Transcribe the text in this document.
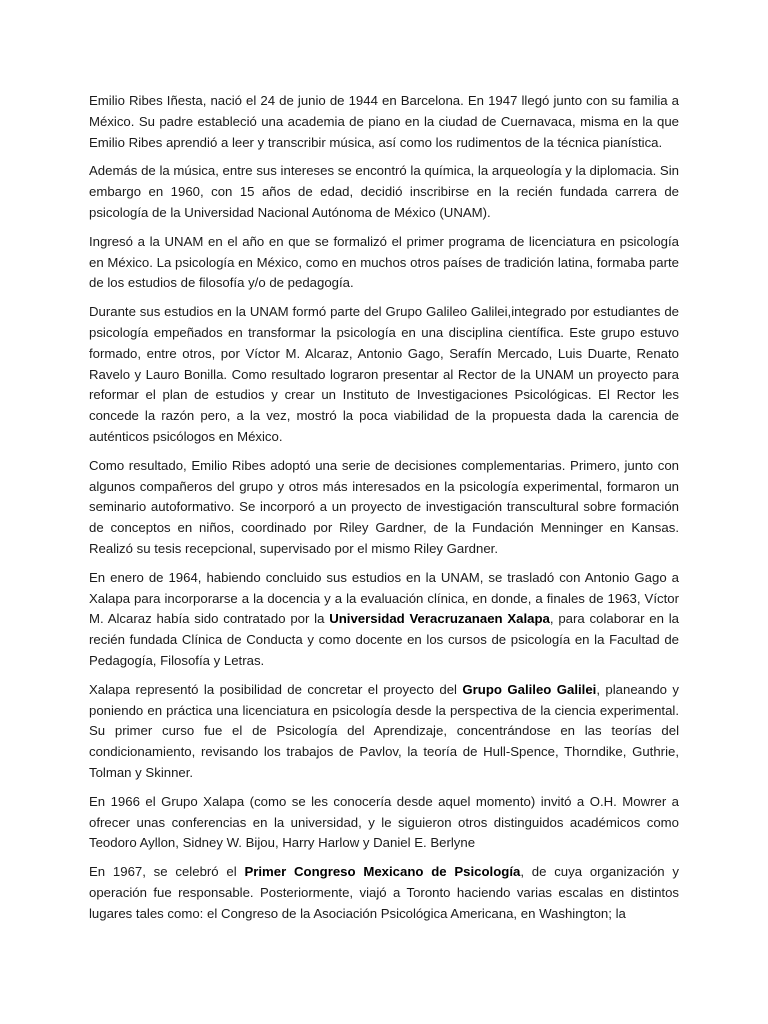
Emilio Ribes Iñesta, nació el 24 de junio de 1944 en Barcelona. En 1947 llegó junto con su familia a México. Su padre estableció una academia de piano en la ciudad de Cuernavaca, misma en la que Emilio Ribes aprendió a leer y transcribir música, así como los rudimentos de la técnica pianística.

Además de la música, entre sus intereses se encontró la química, la arqueología y la diplomacia. Sin embargo en 1960, con 15 años de edad, decidió inscribirse en la recién fundada carrera de psicología de la Universidad Nacional Autónoma de México (UNAM).

Ingresó a la UNAM en el año en que se formalizó el primer programa de licenciatura en psicología en México. La psicología en México, como en muchos otros países de tradición latina, formaba parte de los estudios de filosofía y/o de pedagogía.

Durante sus estudios en la UNAM formó parte del Grupo Galileo Galilei,integrado por estudiantes de psicología empeñados en transformar la psicología en una disciplina científica. Este grupo estuvo formado, entre otros, por Víctor M. Alcaraz, Antonio Gago, Serafín Mercado, Luis Duarte, Renato Ravelo y Lauro Bonilla. Como resultado lograron presentar al Rector de la UNAM un proyecto para reformar el plan de estudios y crear un Instituto de Investigaciones Psicológicas. El Rector les concede la razón pero, a la vez, mostró la poca viabilidad de la propuesta dada la carencia de auténticos psicólogos en México.

Como resultado, Emilio Ribes adoptó una serie de decisiones complementarias. Primero, junto con algunos compañeros del grupo y otros más interesados en la psicología experimental, formaron un seminario autoformativo. Se incorporó a un proyecto de investigación transcultural sobre formación de conceptos en niños, coordinado por Riley Gardner, de la Fundación Menninger en Kansas. Realizó su tesis recepcional, supervisado por el mismo Riley Gardner.

En enero de 1964, habiendo concluido sus estudios en la UNAM, se trasladó con Antonio Gago a Xalapa para incorporarse a la docencia y a la evaluación clínica, en donde, a finales de 1963, Víctor M. Alcaraz había sido contratado por la Universidad Veracruzanaen Xalapa, para colaborar en la recién fundada Clínica de Conducta y como docente en los cursos de psicología en la Facultad de Pedagogía, Filosofía y Letras.

Xalapa representó la posibilidad de concretar el proyecto del Grupo Galileo Galilei, planeando y poniendo en práctica una licenciatura en psicología desde la perspectiva de la ciencia experimental. Su primer curso fue el de Psicología del Aprendizaje, concentrándose en las teorías del condicionamiento, revisando los trabajos de Pavlov, la teoría de Hull-Spence, Thorndike, Guthrie, Tolman y Skinner.

En 1966 el Grupo Xalapa (como se les conocería desde aquel momento) invitó a O.H. Mowrer a ofrecer unas conferencias en la universidad, y le siguieron otros distinguidos académicos como Teodoro Ayllon, Sidney W. Bijou, Harry Harlow y Daniel E. Berlyne

En 1967, se celebró el Primer Congreso Mexicano de Psicología, de cuya organización y operación fue responsable. Posteriormente, viajó a Toronto haciendo varias escalas en distintos lugares tales como: el Congreso de la Asociación Psicológica Americana, en Washington; la
